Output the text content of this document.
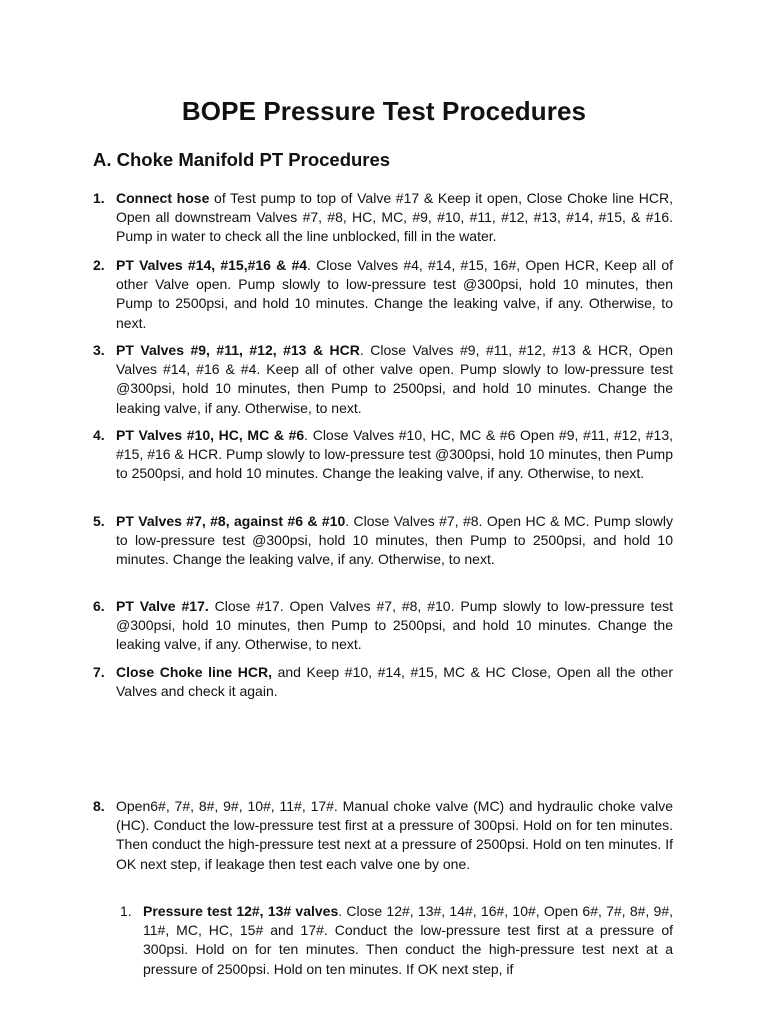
BOPE Pressure Test Procedures
A. Choke Manifold PT Procedures
1. Connect hose of Test pump to top of Valve #17 & Keep it open, Close Choke line HCR, Open all downstream Valves #7, #8, HC, MC, #9, #10, #11, #12, #13, #14, #15, & #16. Pump in water to check all the line unblocked, fill in the water.
2. PT Valves #14, #15,#16 & #4. Close Valves #4, #14, #15, 16#, Open HCR, Keep all of other Valve open. Pump slowly to low-pressure test @300psi, hold 10 minutes, then Pump to 2500psi, and hold 10 minutes. Change the leaking valve, if any. Otherwise, to next.
3. PT Valves #9, #11, #12, #13 & HCR. Close Valves #9, #11, #12, #13 & HCR, Open Valves #14, #16 & #4. Keep all of other valve open. Pump slowly to low-pressure test @300psi, hold 10 minutes, then Pump to 2500psi, and hold 10 minutes. Change the leaking valve, if any. Otherwise, to next.
4. PT Valves #10, HC, MC & #6. Close Valves #10, HC, MC & #6 Open #9, #11, #12, #13, #15, #16 & HCR. Pump slowly to low-pressure test @300psi, hold 10 minutes, then Pump to 2500psi, and hold 10 minutes. Change the leaking valve, if any. Otherwise, to next.
5. PT Valves #7, #8, against #6 & #10. Close Valves #7, #8. Open HC & MC. Pump slowly to low-pressure test @300psi, hold 10 minutes, then Pump to 2500psi, and hold 10 minutes. Change the leaking valve, if any. Otherwise, to next.
6. PT Valve #17. Close #17. Open Valves #7, #8, #10. Pump slowly to low-pressure test @300psi, hold 10 minutes, then Pump to 2500psi, and hold 10 minutes. Change the leaking valve, if any. Otherwise, to next.
7. Close Choke line HCR, and Keep #10, #14, #15, MC & HC Close, Open all the other Valves and check it again.
8. Open6#, 7#, 8#, 9#, 10#, 11#, 17#. Manual choke valve (MC) and hydraulic choke valve (HC). Conduct the low-pressure test first at a pressure of 300psi. Hold on for ten minutes. Then conduct the high-pressure test next at a pressure of 2500psi. Hold on ten minutes. If OK next step, if leakage then test each valve one by one.
1. Pressure test 12#, 13# valves. Close 12#, 13#, 14#, 16#, 10#, Open 6#, 7#, 8#, 9#, 11#, MC, HC, 15# and 17#. Conduct the low-pressure test first at a pressure of 300psi. Hold on for ten minutes. Then conduct the high-pressure test next at a pressure of 2500psi. Hold on ten minutes. If OK next step, if
